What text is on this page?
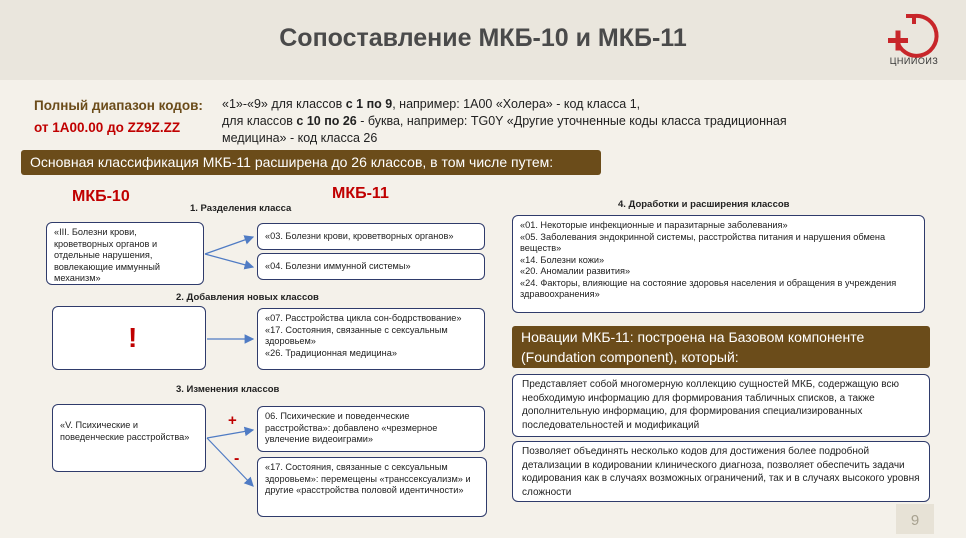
Сопоставление МКБ-10 и МКБ-11
ЦНИИОИЗ
Полный диапазон кодов:
от 1А00.00 до ZZ9Z.ZZ
«1»-«9» для классов с 1 по 9, например: 1А00 «Холера» - код класса 1,
для классов с 10 по 26 - буква, например: TG0Y «Другие уточненные коды класса традиционная медицина» - код класса 26
Основная классификация МКБ-11 расширена до 26 классов, в том числе путем:
МКБ-10	МКБ-11
1. Разделения класса
2. Добавления новых классов
3. Изменения классов
4. Доработки и расширения классов
«III. Болезни крови, кроветворных органов и отдельные нарушения, вовлекающие иммунный механизм»
«03. Болезни крови, кроветворных органов»
«04. Болезни иммунной системы»
!
«07. Расстройства цикла сон-бодрствование»
«17. Состояния, связанные с сексуальным здоровьем»
«26. Традиционная медицина»
«V. Психические и поведенческие расстройства»
+
-
06. Психические и поведенческие расстройства»: добавлено «чрезмерное увлечение видеоиграми»
«17. Состояния, связанные с сексуальным здоровьем»: перемещены «транссексуализм» и другие «расстройства половой идентичности»
«01. Некоторые инфекционные и паразитарные заболевания»
«05. Заболевания эндокринной системы, расстройства питания и нарушения обмена веществ»
«14. Болезни кожи»
«20. Аномалии развития»
«24. Факторы, влияющие на состояние здоровья населения и обращения в учреждения здравоохранения»
Новации МКБ-11: построена на Базовом компоненте (Foundation component), который:
Представляет собой многомерную коллекцию сущностей МКБ, содержащую всю необходимую информацию для формирования табличных списков, а также дополнительную информацию, для формирования специализированных последовательностей и модификаций
Позволяет объединять несколько кодов для достижения более подробной детализации в кодировании клинического диагноза, позволяет обеспечить задачи кодирования как в случаях возможных ограничений, так и в случаях высокого уровня сложности
9
